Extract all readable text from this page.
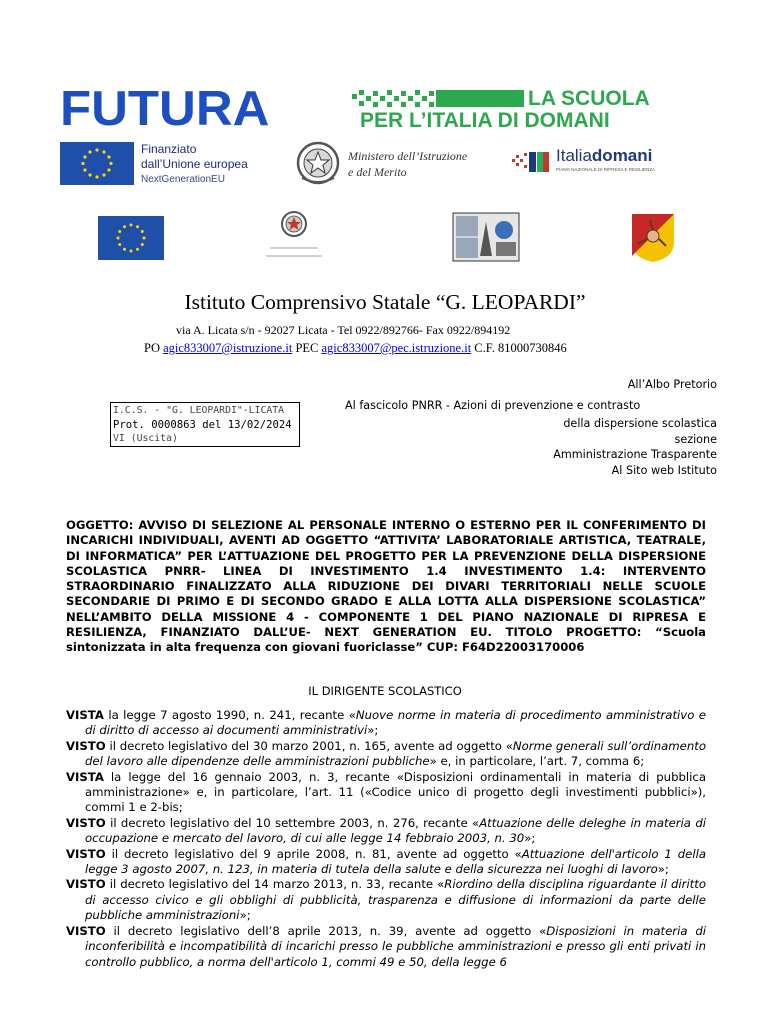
FUTURA	LA SCUOLA
PER L’ITALIA DI DOMANI
Finanziato
dall’Unione europea
NextGenerationEU
Ministero dell’Istruzione
e del Merito
Italiadomani
PIANO NAZIONALE DI RIPRESA E RESILIENZA
Istituto Comprensivo Statale “G. LEOPARDI”
via A. Licata s/n - 92027 Licata - Tel 0922/892766- Fax 0922/894192
PO agic833007@istruzione.it PEC agic833007@pec.istruzione.it C.F. 81000730846
All’Albo Pretorio
Al fascicolo PNRR - Azioni di prevenzione e contrasto
della dispersione scolastica
sezione
Amministrazione Trasparente
Al Sito web Istituto
I.C.S. - "G. LEOPARDI"-LICATA
Prot. 0000863 del 13/02/2024
VI (Uscita)
OGGETTO: AVVISO DI SELEZIONE AL PERSONALE INTERNO O ESTERNO PER IL CONFERIMENTO DI INCARICHI INDIVIDUALI, AVENTI AD OGGETTO “ATTIVITA’ LABORATORIALE ARTISTICA, TEATRALE, DI INFORMATICA” PER L’ATTUAZIONE DEL PROGETTO PER LA PREVENZIONE DELLA DISPERSIONE SCOLASTICA PNRR- LINEA DI INVESTIMENTO 1.4 INVESTIMENTO 1.4: INTERVENTO STRAORDINARIO FINALIZZATO ALLA RIDUZIONE DEI DIVARI TERRITORIALI NELLE SCUOLE SECONDARIE DI PRIMO E DI SECONDO GRADO E ALLA LOTTA ALLA DISPERSIONE SCOLASTICA” NELL’AMBITO DELLA MISSIONE 4 - COMPONENTE 1 DEL PIANO NAZIONALE DI RIPRESA E RESILIENZA, FINANZIATO DALL’UE- NEXT GENERATION EU. TITOLO PROGETTO: “Scuola sintonizzata in alta frequenza con giovani fuoriclasse” CUP: F64D22003170006
IL DIRIGENTE SCOLASTICO
VISTA la legge 7 agosto 1990, n. 241, recante «Nuove norme in materia di procedimento amministrativo e di diritto di accesso ai documenti amministrativi»;
VISTO il decreto legislativo del 30 marzo 2001, n. 165, avente ad oggetto «Norme generali sull’ordinamento del lavoro alle dipendenze delle amministrazioni pubbliche» e, in particolare, l’art. 7, comma 6;
VISTA la legge del 16 gennaio 2003, n. 3, recante «Disposizioni ordinamentali in materia di pubblica amministrazione» e, in particolare, l’art. 11 («Codice unico di progetto degli investimenti pubblici»), commi 1 e 2-bis;
VISTO il decreto legislativo del 10 settembre 2003, n. 276, recante «Attuazione delle deleghe in materia di occupazione e mercato del lavoro, di cui alle legge 14 febbraio 2003, n. 30»;
VISTO il decreto legislativo del 9 aprile 2008, n. 81, avente ad oggetto «Attuazione dell'articolo 1 della legge 3 agosto 2007, n. 123, in materia di tutela della salute e della sicurezza nei luoghi di lavoro»;
VISTO il decreto legislativo del 14 marzo 2013, n. 33, recante «Riordino della disciplina riguardante il diritto di accesso civico e gli obblighi di pubblicità, trasparenza e diffusione di informazioni da parte delle pubbliche amministrazioni»;
VISTO il decreto legislativo dell’8 aprile 2013, n. 39, avente ad oggetto «Disposizioni in materia di inconferibilità e incompatibilità di incarichi presso le pubbliche amministrazioni e presso gli enti privati in controllo pubblico, a norma dell'articolo 1, commi 49 e 50, della legge 6
